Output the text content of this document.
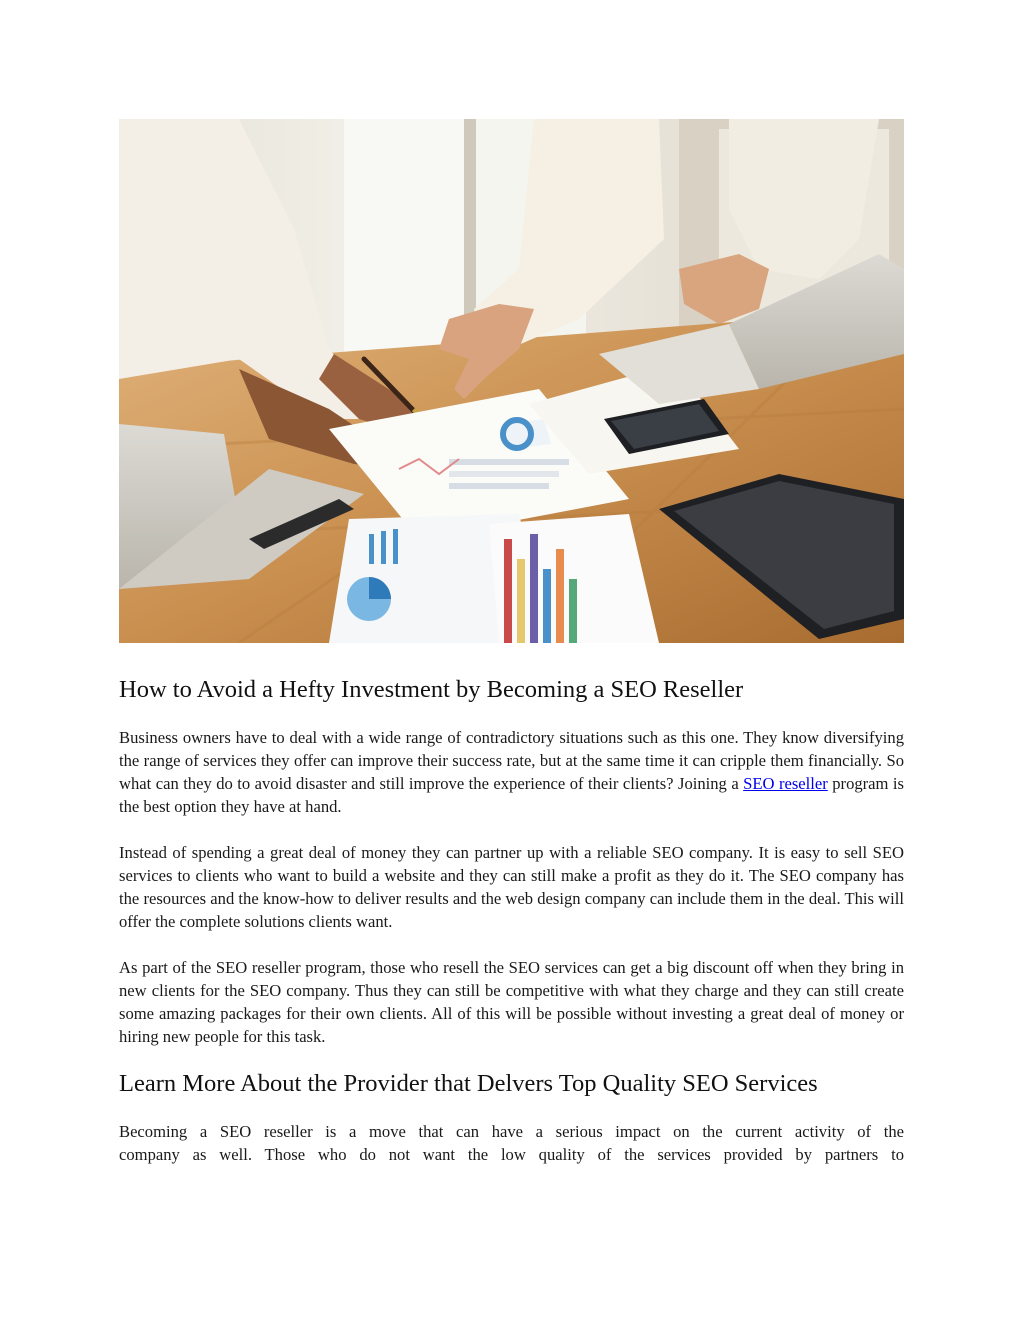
How to Avoid a Hefty Investment by Becoming a SEO Reseller

Business owners have to deal with a wide range of contradictory situations such as this one. They know diversifying the range of services they offer can improve their success rate, but at the same time it can cripple them financially. So what can they do to avoid disaster and still improve the experience of their clients? Joining a SEO reseller program is the best option they have at hand.

Instead of spending a great deal of money they can partner up with a reliable SEO company. It is easy to sell SEO services to clients who want to build a website and they can still make a profit as they do it. The SEO company has the resources and the know-how to deliver results and the web design company can include them in the deal. This will offer the complete solutions clients want.

As part of the SEO reseller program, those who resell the SEO services can get a big discount off when they bring in new clients for the SEO company. Thus they can still be competitive with what they charge and they can still create some amazing packages for their own clients. All of this will be possible without investing a great deal of money or hiring new people for this task.

Learn More About the Provider that Delvers Top Quality SEO Services

Becoming a SEO reseller is a move that can have a serious impact on the current activity of the
company as well. Those who do not want the low quality of the services provided by partners to
